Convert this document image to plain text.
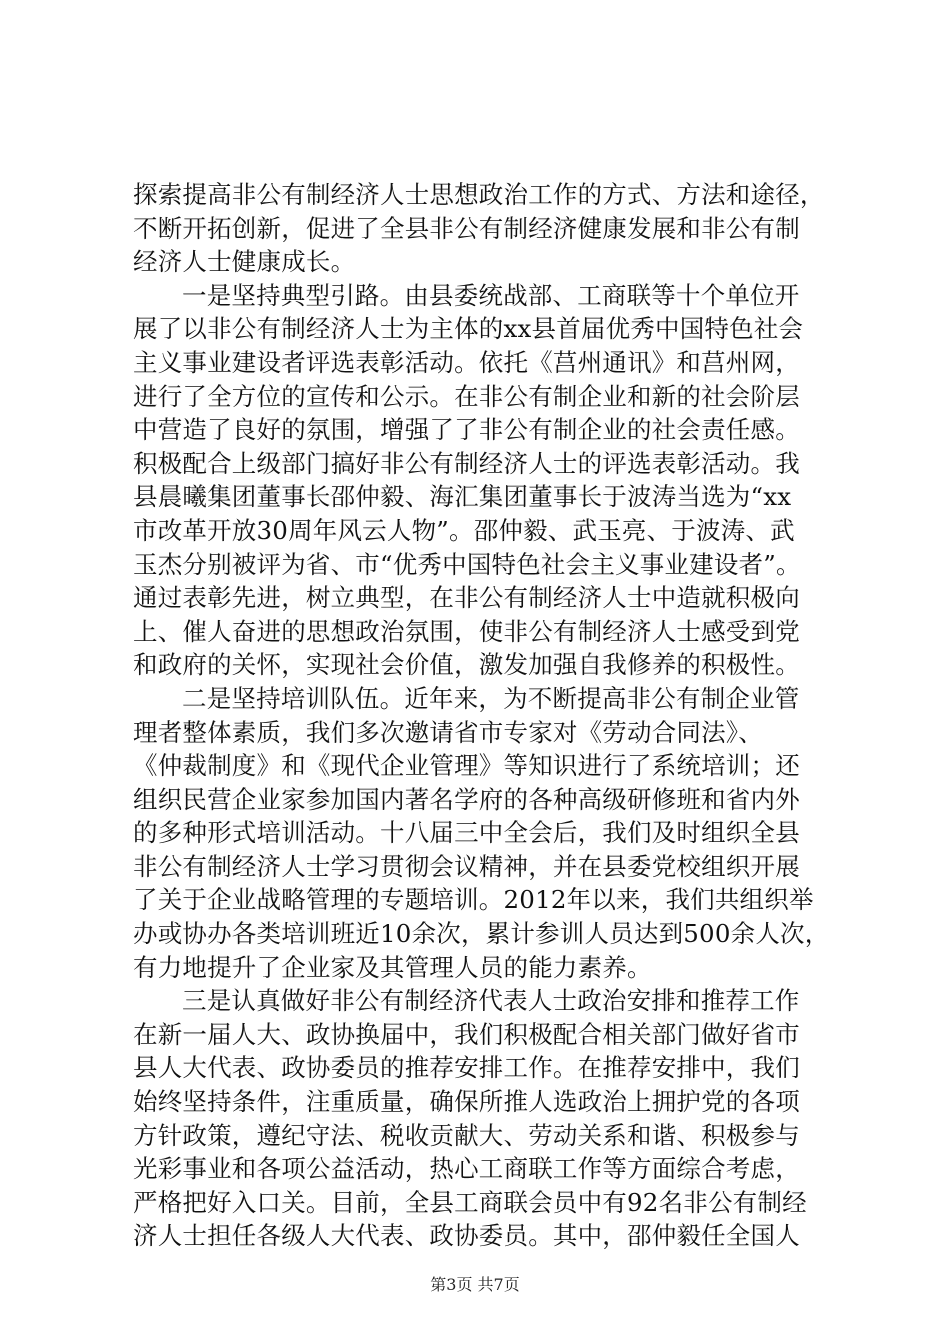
探索提高非公有制经济人士思想政治工作的方式、方法和途径，
不断开拓创新，促进了全县非公有制经济健康发展和非公有制
经济人士健康成长。
一是坚持典型引路。由县委统战部、工商联等十个单位开
展了以非公有制经济人士为主体的xx县首届优秀中国特色社会
主义事业建设者评选表彰活动。依托《莒州通讯》和莒州网，
进行了全方位的宣传和公示。在非公有制企业和新的社会阶层
中营造了良好的氛围，增强了了非公有制企业的社会责任感。
积极配合上级部门搞好非公有制经济人士的评选表彰活动。我
县晨曦集团董事长邵仲毅、海汇集团董事长于波涛当选为“xx
市改革开放30周年风云人物”。邵仲毅、武玉亮、于波涛、武
玉杰分别被评为省、市“优秀中国特色社会主义事业建设者”。
通过表彰先进，树立典型，在非公有制经济人士中造就积极向
上、催人奋进的思想政治氛围，使非公有制经济人士感受到党
和政府的关怀，实现社会价值，激发加强自我修养的积极性。
二是坚持培训队伍。近年来，为不断提高非公有制企业管
理者整体素质，我们多次邀请省市专家对《劳动合同法》、
《仲裁制度》和《现代企业管理》等知识进行了系统培训；还
组织民营企业家参加国内著名学府的各种高级研修班和省内外
的多种形式培训活动。十八届三中全会后，我们及时组织全县
非公有制经济人士学习贯彻会议精神，并在县委党校组织开展
了关于企业战略管理的专题培训。2012年以来，我们共组织举
办或协办各类培训班近10余次，累计参训人员达到500余人次，
有力地提升了企业家及其管理人员的能力素养。
三是认真做好非公有制经济代表人士政治安排和推荐工作
在新一届人大、政协换届中，我们积极配合相关部门做好省市
县人大代表、政协委员的推荐安排工作。在推荐安排中，我们
始终坚持条件，注重质量，确保所推人选政治上拥护党的各项
方针政策，遵纪守法、税收贡献大、劳动关系和谐、积极参与
光彩事业和各项公益活动，热心工商联工作等方面综合考虑，
严格把好入口关。目前，全县工商联会员中有92名非公有制经
济人士担任各级人大代表、政协委员。其中，邵仲毅任全国人
第3页 共7页
